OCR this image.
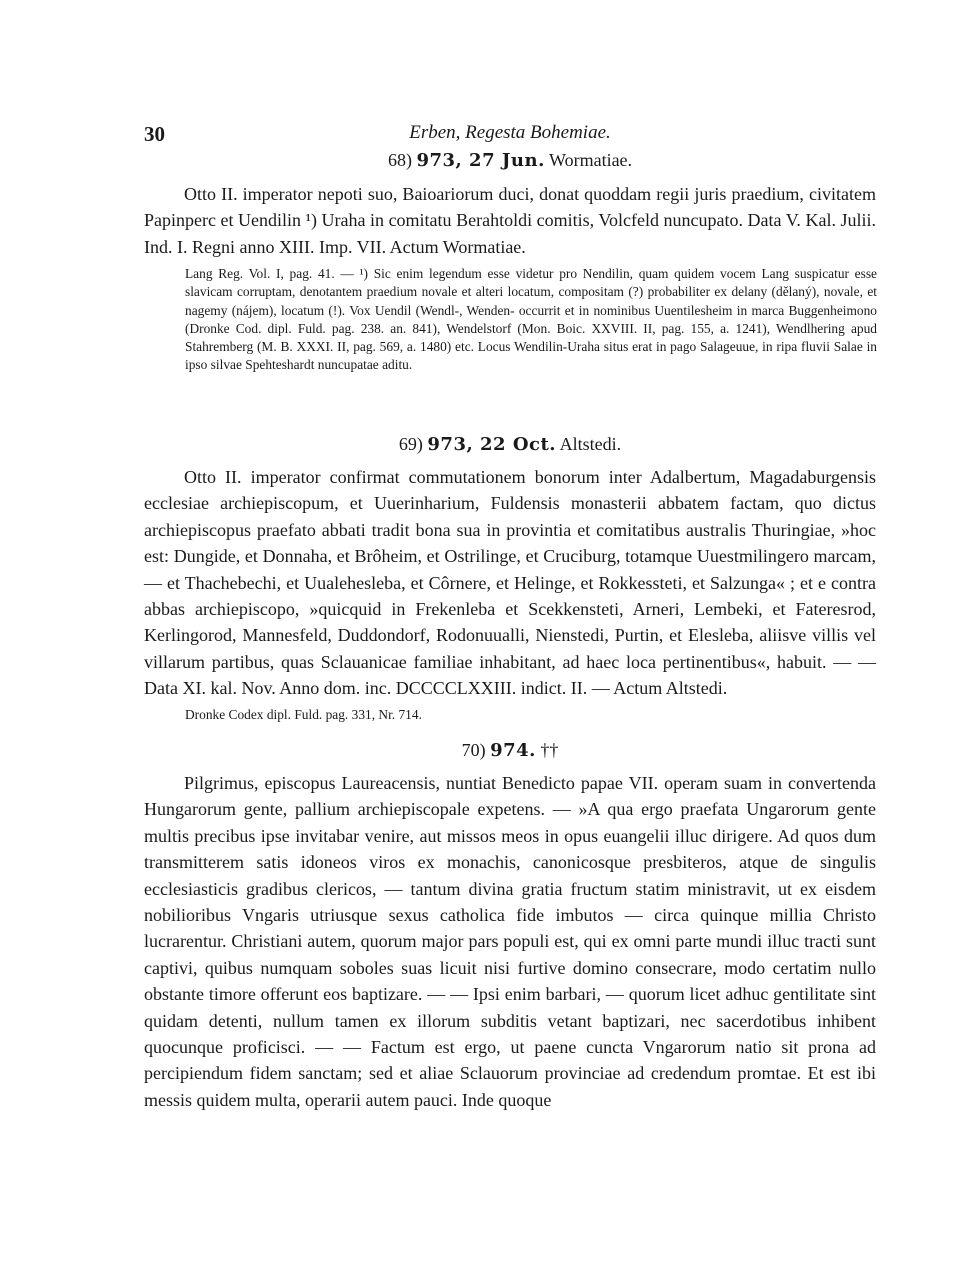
30	Erben, Regesta Bohemiae.
68) 973, 27 Jun. Wormatiae.

Otto II. imperator nepoti suo, Baioariorum duci, donat quoddam regii juris praedium, civitatem Papinperc et Uendilin ¹) Uraha in comitatu Berahtoldi comitis, Volcfeld nuncupato. Data V. Kal. Julii. Ind. I. Regni anno XIII. Imp. VII. Actum Wormatiae.

Lang Reg. Vol. I, pag. 41. — ¹) Sic enim legendum esse videtur pro Nendilin, quam quidem vocem Lang suspicatur esse slavicam corruptam, denotantem praedium novale et alteri locatum, compositam (?) probabiliter ex delany (dělaný), novale, et nagemy (nájem), locatum (!). Vox Uendil (Wendl-, Wenden- occurrit et in nominibus Uuentilesheim in marca Buggenheimono (Dronke Cod. dipl. Fuld. pag. 238. an. 841), Wendelstorf (Mon. Boic. XXVIII. II, pag. 155, a. 1241), Wendlhering apud Stahremberg (M. B. XXXI. II, pag. 569, a. 1480) etc. Locus Wendilin-Uraha situs erat in pago Salageuue, in ripa fluvii Salae in ipso silvae Spehteshardt nuncupatae aditu.

69) 973, 22 Oct. Altstedi.

Otto II. imperator confirmat commutationem bonorum inter Adalbertum, Magadaburgensis ecclesiae archiepiscopum, et Uuerinharium, Fuldensis monasterii abbatem factam, quo dictus archiepiscopus praefato abbati tradit bona sua in provintia et comitatibus australis Thuringiae, »hoc est: Dungide, et Donnaha, et Brôheim, et Ostrilinge, et Cruciburg, totamque Uuestmilingero marcam, — et Thachebechi, et Uualehesleba, et Côrnere, et Helinge, et Rokkessteti, et Salzunga« ; et e contra abbas archiepiscopo, »quicquid in Frekenleba et Scekkensteti, Arneri, Lembeki, et Fateresrod, Kerlingorod, Mannesfeld, Duddondorf, Rodonuualli, Nienstedi, Purtin, et Elesleba, aliisve villis vel villarum partibus, quas Sclauanicae familiae inhabitant, ad haec loca pertinentibus«, habuit. — — Data XI. kal. Nov. Anno dom. inc. DCCCCLXXIII. indict. II. — Actum Altstedi.

Dronke Codex dipl. Fuld. pag. 331, Nr. 714.

70) 974. ††

Pilgrimus, episcopus Laureacensis, nuntiat Benedicto papae VII. operam suam in convertenda Hungarorum gente, pallium archiepiscopale expetens. — »A qua ergo praefata Ungarorum gente multis precibus ipse invitabar venire, aut missos meos in opus euangelii illuc dirigere. Ad quos dum transmitterem satis idoneos viros ex monachis, canonicosque presbiteros, atque de singulis ecclesiasticis gradibus clericos, — tantum divina gratia fructum statim ministravit, ut ex eisdem nobilioribus Vngaris utriusque sexus catholica fide imbutos — circa quinque millia Christo lucrarentur. Christiani autem, quorum major pars populi est, qui ex omni parte mundi illuc tracti sunt captivi, quibus numquam soboles suas licuit nisi furtive domino consecrare, modo certatim nullo obstante timore offerunt eos baptizare. — — Ipsi enim barbari, — quorum licet adhuc gentilitate sint quidam detenti, nullum tamen ex illorum subditis vetant baptizari, nec sacerdotibus inhibent quocunque proficisci. — — Factum est ergo, ut paene cuncta Vngarorum natio sit prona ad percipiendum fidem sanctam; sed et aliae Sclauorum provinciae ad credendum promtae. Et est ibi messis quidem multa, operarii autem pauci. Inde quoque
